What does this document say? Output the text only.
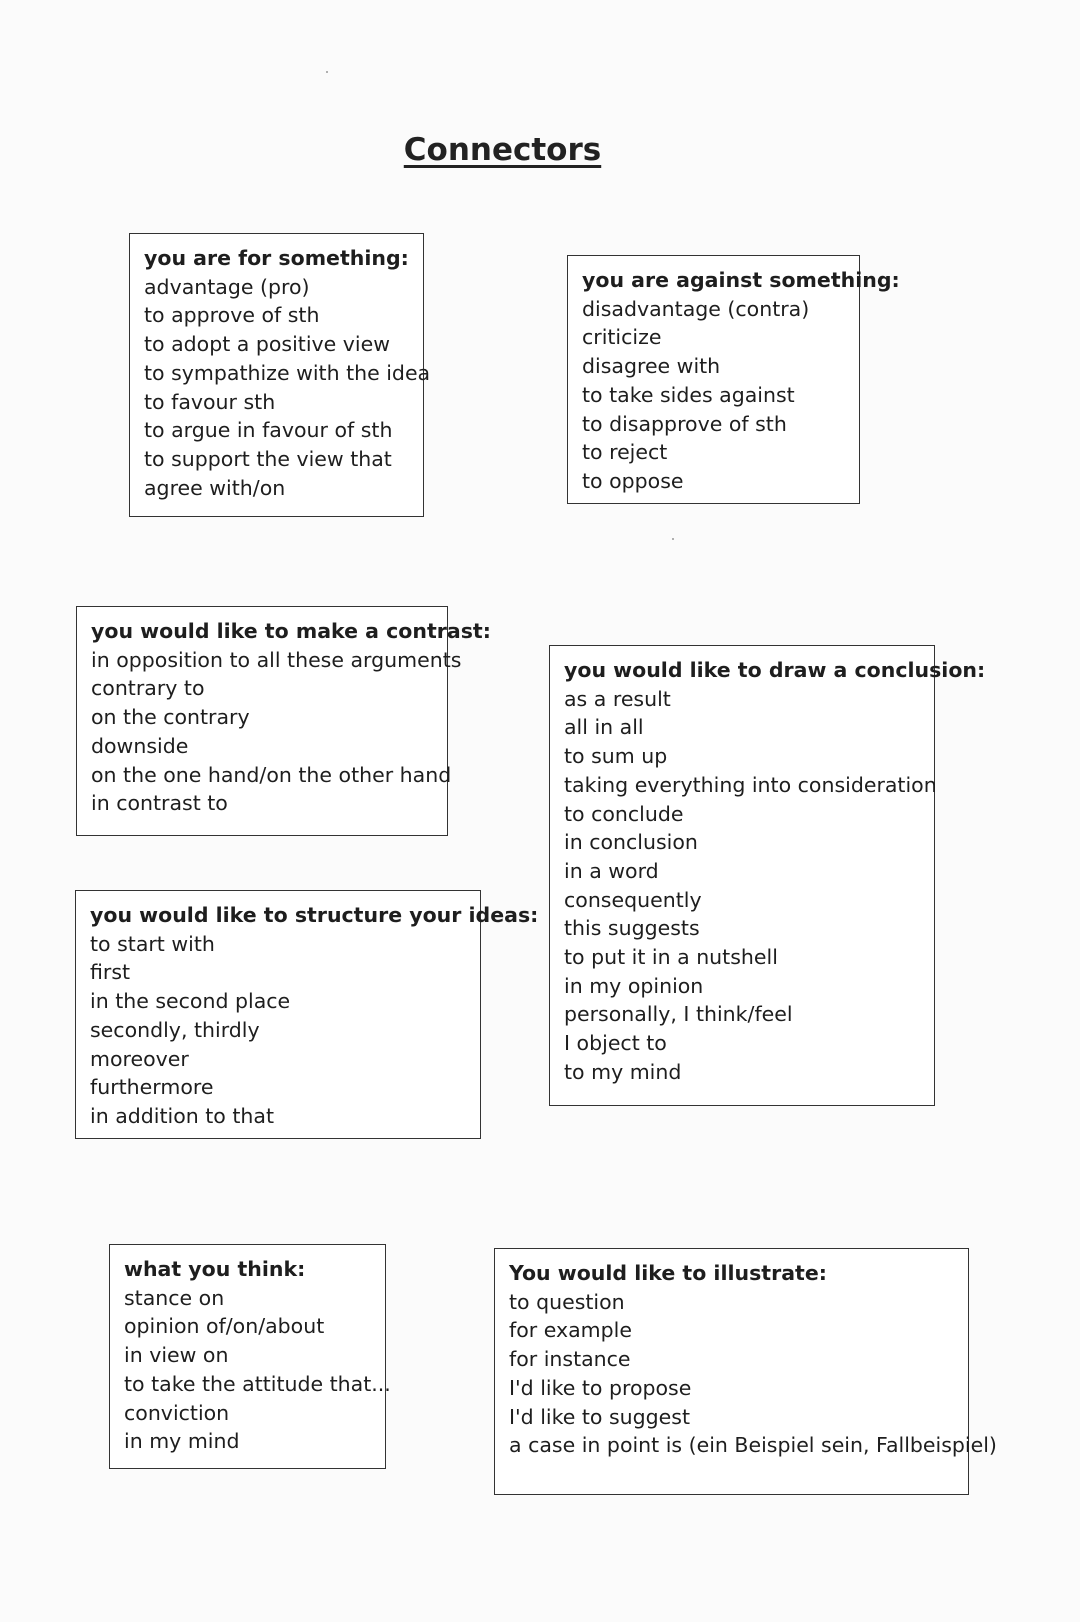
Connectors
you are for something:
advantage (pro)
to approve of sth
to adopt a positive view
to sympathize with the idea
to favour sth
to argue in favour of sth
to support the view that
agree with/on
you are against something:
disadvantage (contra)
criticize
disagree with
to take sides against
to disapprove of sth
to reject
to oppose
you would like to make a contrast:
in opposition to all these arguments
contrary to
on the contrary
downside
on the one hand/on the other hand
in contrast to
you would like to draw a conclusion:
as a result
all in all
to sum up
taking everything into consideration
to conclude
in conclusion
in a word
consequently
this suggests
to put it in a nutshell
in my opinion
personally, I think/feel
I object to
to my mind
you would like to structure your ideas:
to start with
first
in the second place
secondly, thirdly
moreover
furthermore
in addition to that
what you think:
stance on
opinion of/on/about
in view on
to take the attitude that...
conviction
in my mind
You would like to illustrate:
to question
for example
for instance
I'd like to propose
I'd like to suggest
a case in point is (ein Beispiel sein, Fallbeispiel)
